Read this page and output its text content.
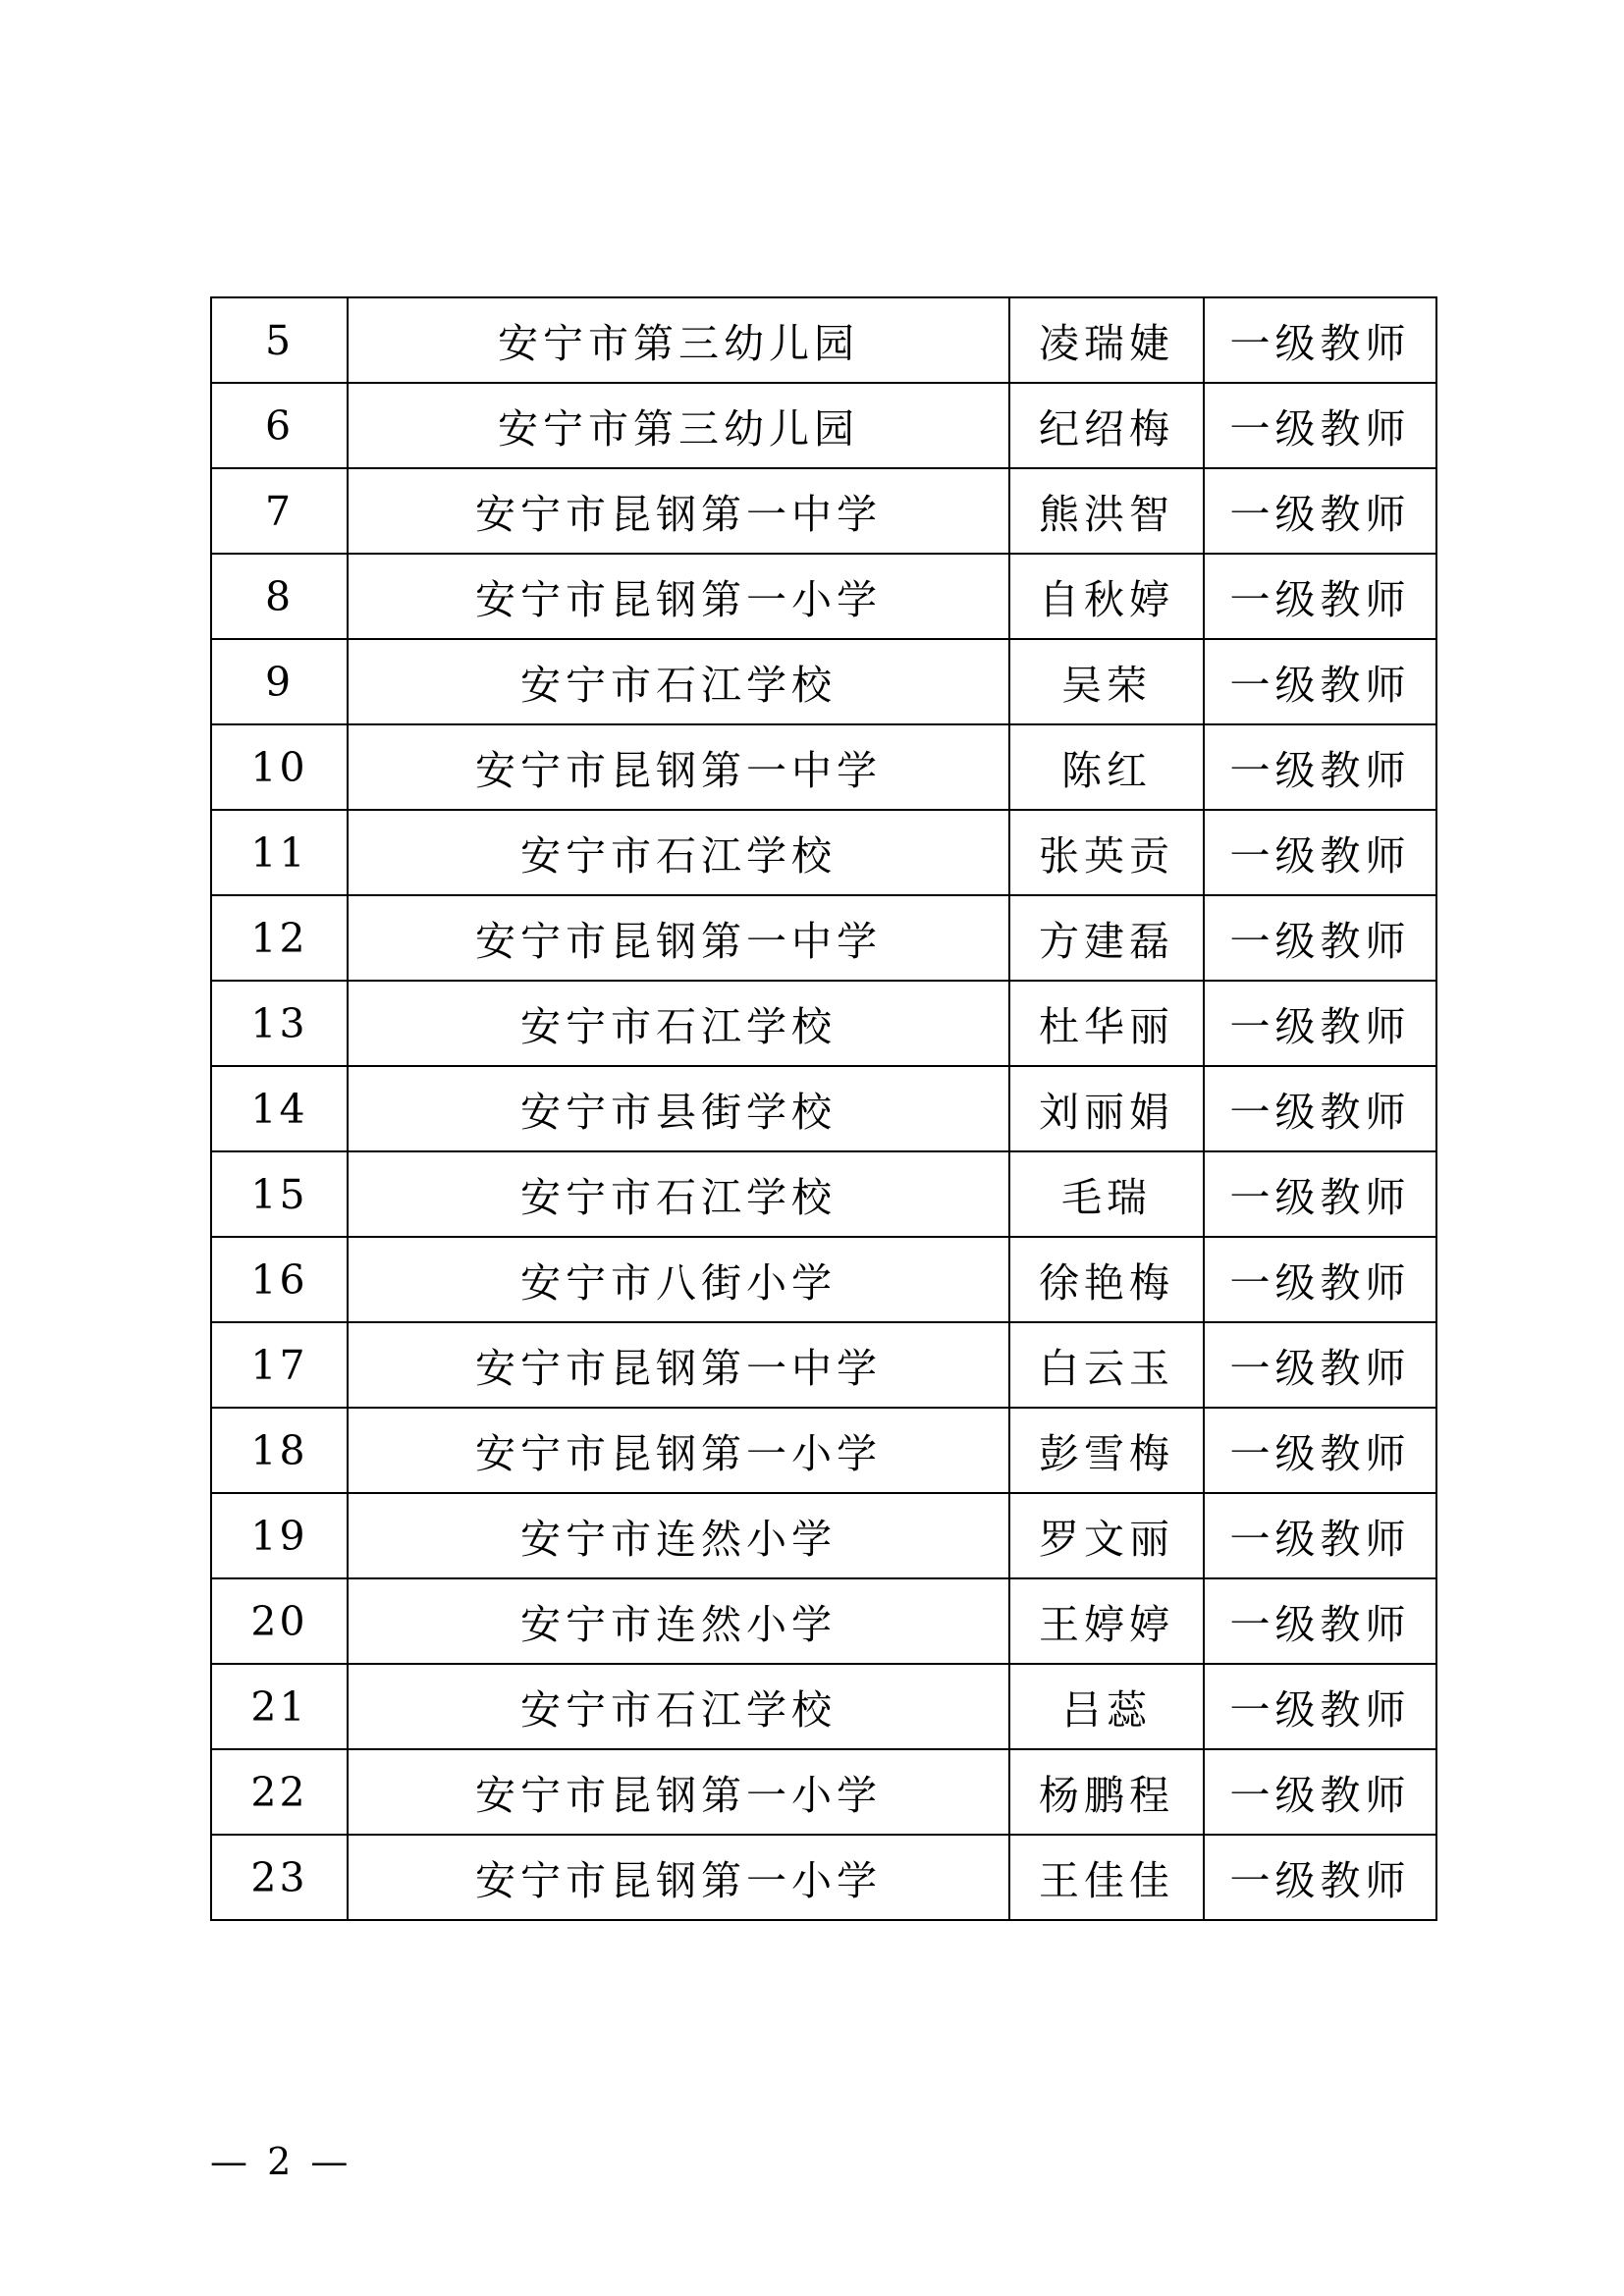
5	安宁市第三幼儿园	凌瑞婕	一级教师
6	安宁市第三幼儿园	纪绍梅	一级教师
7	安宁市昆钢第一中学	熊洪智	一级教师
8	安宁市昆钢第一小学	自秋婷	一级教师
9	安宁市石江学校	吴荣	一级教师
10	安宁市昆钢第一中学	陈红	一级教师
11	安宁市石江学校	张英贡	一级教师
12	安宁市昆钢第一中学	方建磊	一级教师
13	安宁市石江学校	杜华丽	一级教师
14	安宁市县街学校	刘丽娟	一级教师
15	安宁市石江学校	毛瑞	一级教师
16	安宁市八街小学	徐艳梅	一级教师
17	安宁市昆钢第一中学	白云玉	一级教师
18	安宁市昆钢第一小学	彭雪梅	一级教师
19	安宁市连然小学	罗文丽	一级教师
20	安宁市连然小学	王婷婷	一级教师
21	安宁市石江学校	吕蕊	一级教师
22	安宁市昆钢第一小学	杨鹏程	一级教师
23	安宁市昆钢第一小学	王佳佳	一级教师
— 2 —
